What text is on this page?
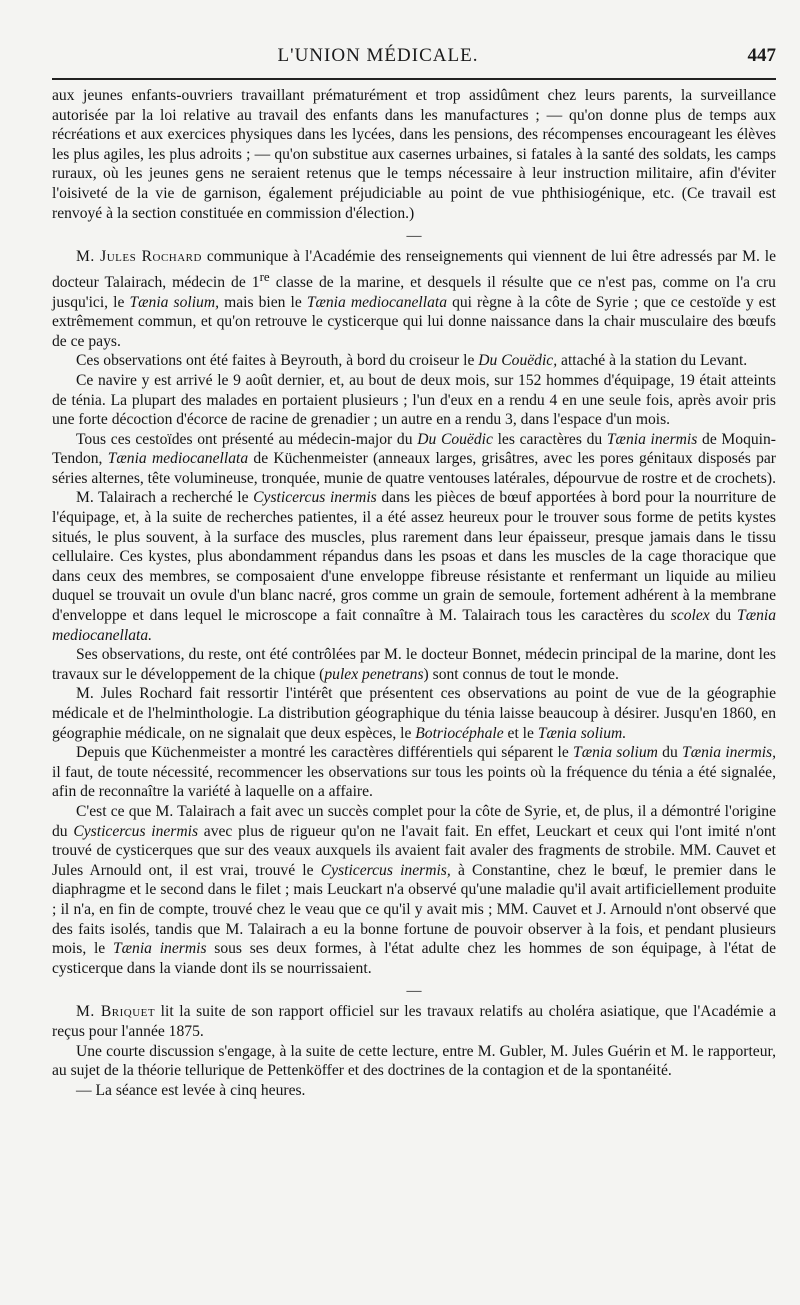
L'UNION MÉDICALE.	447

aux jeunes enfants-ouvriers travaillant prématurément et trop assidûment chez leurs parents, la surveillance autorisée par la loi relative au travail des enfants dans les manufactures ; — qu'on donne plus de temps aux récréations et aux exercices physiques dans les lycées, dans les pensions, des récompenses encourageant les élèves les plus agiles, les plus adroits ; — qu'on substitue aux casernes urbaines, si fatales à la santé des soldats, les camps ruraux, où les jeunes gens ne seraient retenus que le temps nécessaire à leur instruction militaire, afin d'éviter l'oisiveté de la vie de garnison, également préjudiciable au point de vue phthisiogénique, etc. (Ce travail est renvoyé à la section constituée en commission d'élection.)

—

M. Jules Rochard communique à l'Académie des renseignements qui viennent de lui être adressés par M. le docteur Talairach, médecin de 1re classe de la marine, et desquels il résulte que ce n'est pas, comme on l'a cru jusqu'ici, le Tænia solium, mais bien le Tænia mediocanellata qui règne à la côte de Syrie ; que ce cestoïde y est extrêmement commun, et qu'on retrouve le cysticerque qui lui donne naissance dans la chair musculaire des bœufs de ce pays.

Ces observations ont été faites à Beyrouth, à bord du croiseur le Du Couëdic, attaché à la station du Levant.

Ce navire y est arrivé le 9 août dernier, et, au bout de deux mois, sur 152 hommes d'équipage, 19 était atteints de ténia. La plupart des malades en portaient plusieurs ; l'un d'eux en a rendu 4 en une seule fois, après avoir pris une forte décoction d'écorce de racine de grenadier ; un autre en a rendu 3, dans l'espace d'un mois.

Tous ces cestoïdes ont présenté au médecin-major du Du Couëdic les caractères du Tænia inermis de Moquin-Tendon, Tænia mediocanellata de Küchenmeister (anneaux larges, grisâtres, avec les pores génitaux disposés par séries alternes, tête volumineuse, tronquée, munie de quatre ventouses latérales, dépourvue de rostre et de crochets).

M. Talairach a recherché le Cysticercus inermis dans les pièces de bœuf apportées à bord pour la nourriture de l'équipage, et, à la suite de recherches patientes, il a été assez heureux pour le trouver sous forme de petits kystes situés, le plus souvent, à la surface des muscles, plus rarement dans leur épaisseur, presque jamais dans le tissu cellulaire. Ces kystes, plus abondamment répandus dans les psoas et dans les muscles de la cage thoracique que dans ceux des membres, se composaient d'une enveloppe fibreuse résistante et renfermant un liquide au milieu duquel se trouvait un ovule d'un blanc nacré, gros comme un grain de semoule, fortement adhérent à la membrane d'enveloppe et dans lequel le microscope a fait connaître à M. Talairach tous les caractères du scolex du Tænia mediocanellata.

Ses observations, du reste, ont été contrôlées par M. le docteur Bonnet, médecin principal de la marine, dont les travaux sur le développement de la chique (pulex penetrans) sont connus de tout le monde.

M. Jules Rochard fait ressortir l'intérêt que présentent ces observations au point de vue de la géographie médicale et de l'helminthologie. La distribution géographique du ténia laisse beaucoup à désirer. Jusqu'en 1860, en géographie médicale, on ne signalait que deux espèces, le Botriocéphale et le Tænia solium.

Depuis que Küchenmeister a montré les caractères différentiels qui séparent le Tænia solium du Tænia inermis, il faut, de toute nécessité, recommencer les observations sur tous les points où la fréquence du ténia a été signalée, afin de reconnaître la variété à laquelle on a affaire.

C'est ce que M. Talairach a fait avec un succès complet pour la côte de Syrie, et, de plus, il a démontré l'origine du Cysticercus inermis avec plus de rigueur qu'on ne l'avait fait. En effet, Leuckart et ceux qui l'ont imité n'ont trouvé de cysticerques que sur des veaux auxquels ils avaient fait avaler des fragments de strobile. MM. Cauvet et Jules Arnould ont, il est vrai, trouvé le Cysticercus inermis, à Constantine, chez le bœuf, le premier dans le diaphragme et le second dans le filet ; mais Leuckart n'a observé qu'une maladie qu'il avait artificiellement produite ; il n'a, en fin de compte, trouvé chez le veau que ce qu'il y avait mis ; MM. Cauvet et J. Arnould n'ont observé que des faits isolés, tandis que M. Talairach a eu la bonne fortune de pouvoir observer à la fois, et pendant plusieurs mois, le Tænia inermis sous ses deux formes, à l'état adulte chez les hommes de son équipage, à l'état de cysticerque dans la viande dont ils se nourrissaient.

—

M. Briquet lit la suite de son rapport officiel sur les travaux relatifs au choléra asiatique, que l'Académie a reçus pour l'année 1875.

Une courte discussion s'engage, à la suite de cette lecture, entre M. Gubler, M. Jules Guérin et M. le rapporteur, au sujet de la théorie tellurique de Pettenköffer et des doctrines de la contagion et de la spontanéité.

— La séance est levée à cinq heures.
